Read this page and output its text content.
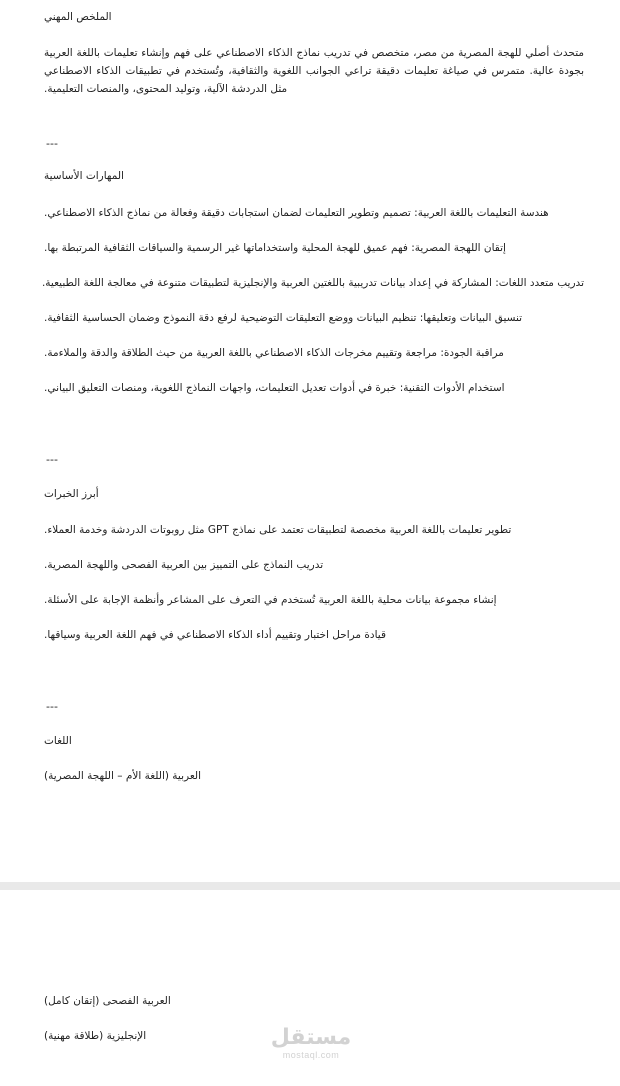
الملخص المهني
متحدث أصلي للهجة المصرية من مصر، متخصص في تدريب نماذج الذكاء الاصطناعي على فهم وإنشاء تعليمات باللغة العربية بجودة عالية. متمرس في صياغة تعليمات دقيقة تراعي الجوانب اللغوية والثقافية، وتُستخدم في تطبيقات الذكاء الاصطناعي مثل الدردشة الآلية، وتوليد المحتوى، والمنصات التعليمية.
---
المهارات الأساسية
هندسة التعليمات باللغة العربية: تصميم وتطوير التعليمات لضمان استجابات دقيقة وفعالة من نماذج الذكاء الاصطناعي.
إتقان اللهجة المصرية: فهم عميق للهجة المحلية واستخداماتها غير الرسمية والسياقات الثقافية المرتبطة بها.
تدريب متعدد اللغات: المشاركة في إعداد بيانات تدريبية باللغتين العربية والإنجليزية لتطبيقات متنوعة في معالجة اللغة الطبيعية.
تنسيق البيانات وتعليقها: تنظيم البيانات ووضع التعليقات التوضيحية لرفع دقة النموذج وضمان الحساسية الثقافية.
مراقبة الجودة: مراجعة وتقييم مخرجات الذكاء الاصطناعي باللغة العربية من حيث الطلاقة والدقة والملاءمة.
استخدام الأدوات التقنية: خبرة في أدوات تعديل التعليمات، واجهات النماذج اللغوية، ومنصات التعليق البياني.
---
أبرز الخبرات
تطوير تعليمات باللغة العربية مخصصة لتطبيقات تعتمد على نماذج GPT مثل روبوتات الدردشة وخدمة العملاء.
تدريب النماذج على التمييز بين العربية الفصحى واللهجة المصرية.
إنشاء مجموعة بيانات محلية باللغة العربية تُستخدم في التعرف على المشاعر وأنظمة الإجابة على الأسئلة.
قيادة مراحل اختبار وتقييم أداء الذكاء الاصطناعي في فهم اللغة العربية وسياقها.
---
اللغات
العربية (اللغة الأم – اللهجة المصرية)
العربية الفصحى (إتقان كامل)
الإنجليزية (طلاقة مهنية)	مستقل
mostaql.com
